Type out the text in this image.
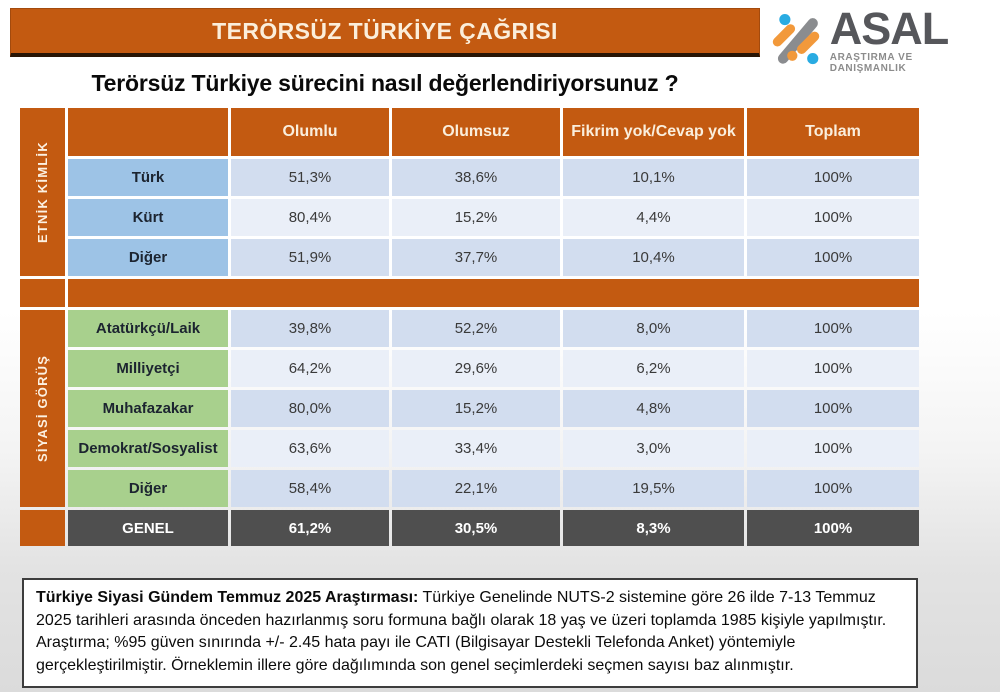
TERÖRSÜZ TÜRKİYE ÇAĞRISI	ASAL
ARAŞTIRMA VE DANIŞMANLIK
Terörsüz Türkiye sürecini nasıl değerlendiriyorsunuz ?
ETNİK KİMLİK
SİYASİ GÖRÜŞ
Olumlu	Olumsuz	Fikrim yok/Cevap yok	Toplam
Türk	51,3%	38,6%	10,1%	100%
Kürt	80,4%	15,2%	4,4%	100%
Diğer	51,9%	37,7%	10,4%	100%
Atatürkçü/Laik	39,8%	52,2%	8,0%	100%
Milliyetçi	64,2%	29,6%	6,2%	100%
Muhafazakar	80,0%	15,2%	4,8%	100%
Demokrat/Sosyalist	63,6%	33,4%	3,0%	100%
Diğer	58,4%	22,1%	19,5%	100%
GENEL	61,2%	30,5%	8,3%	100%
Türkiye Siyasi Gündem Temmuz 2025 Araştırması: Türkiye Genelinde NUTS-2 sistemine göre 26 ilde 7-13 Temmuz 2025 tarihleri arasında önceden hazırlanmış soru formuna bağlı olarak 18 yaş ve üzeri toplamda 1985 kişiyle yapılmıştır. Araştırma; %95 güven sınırında +/- 2.45 hata payı ile CATI (Bilgisayar Destekli Telefonda Anket) yöntemiyle gerçekleştirilmiştir. Örneklemin illere göre dağılımında son genel seçimlerdeki seçmen sayısı baz alınmıştır.
